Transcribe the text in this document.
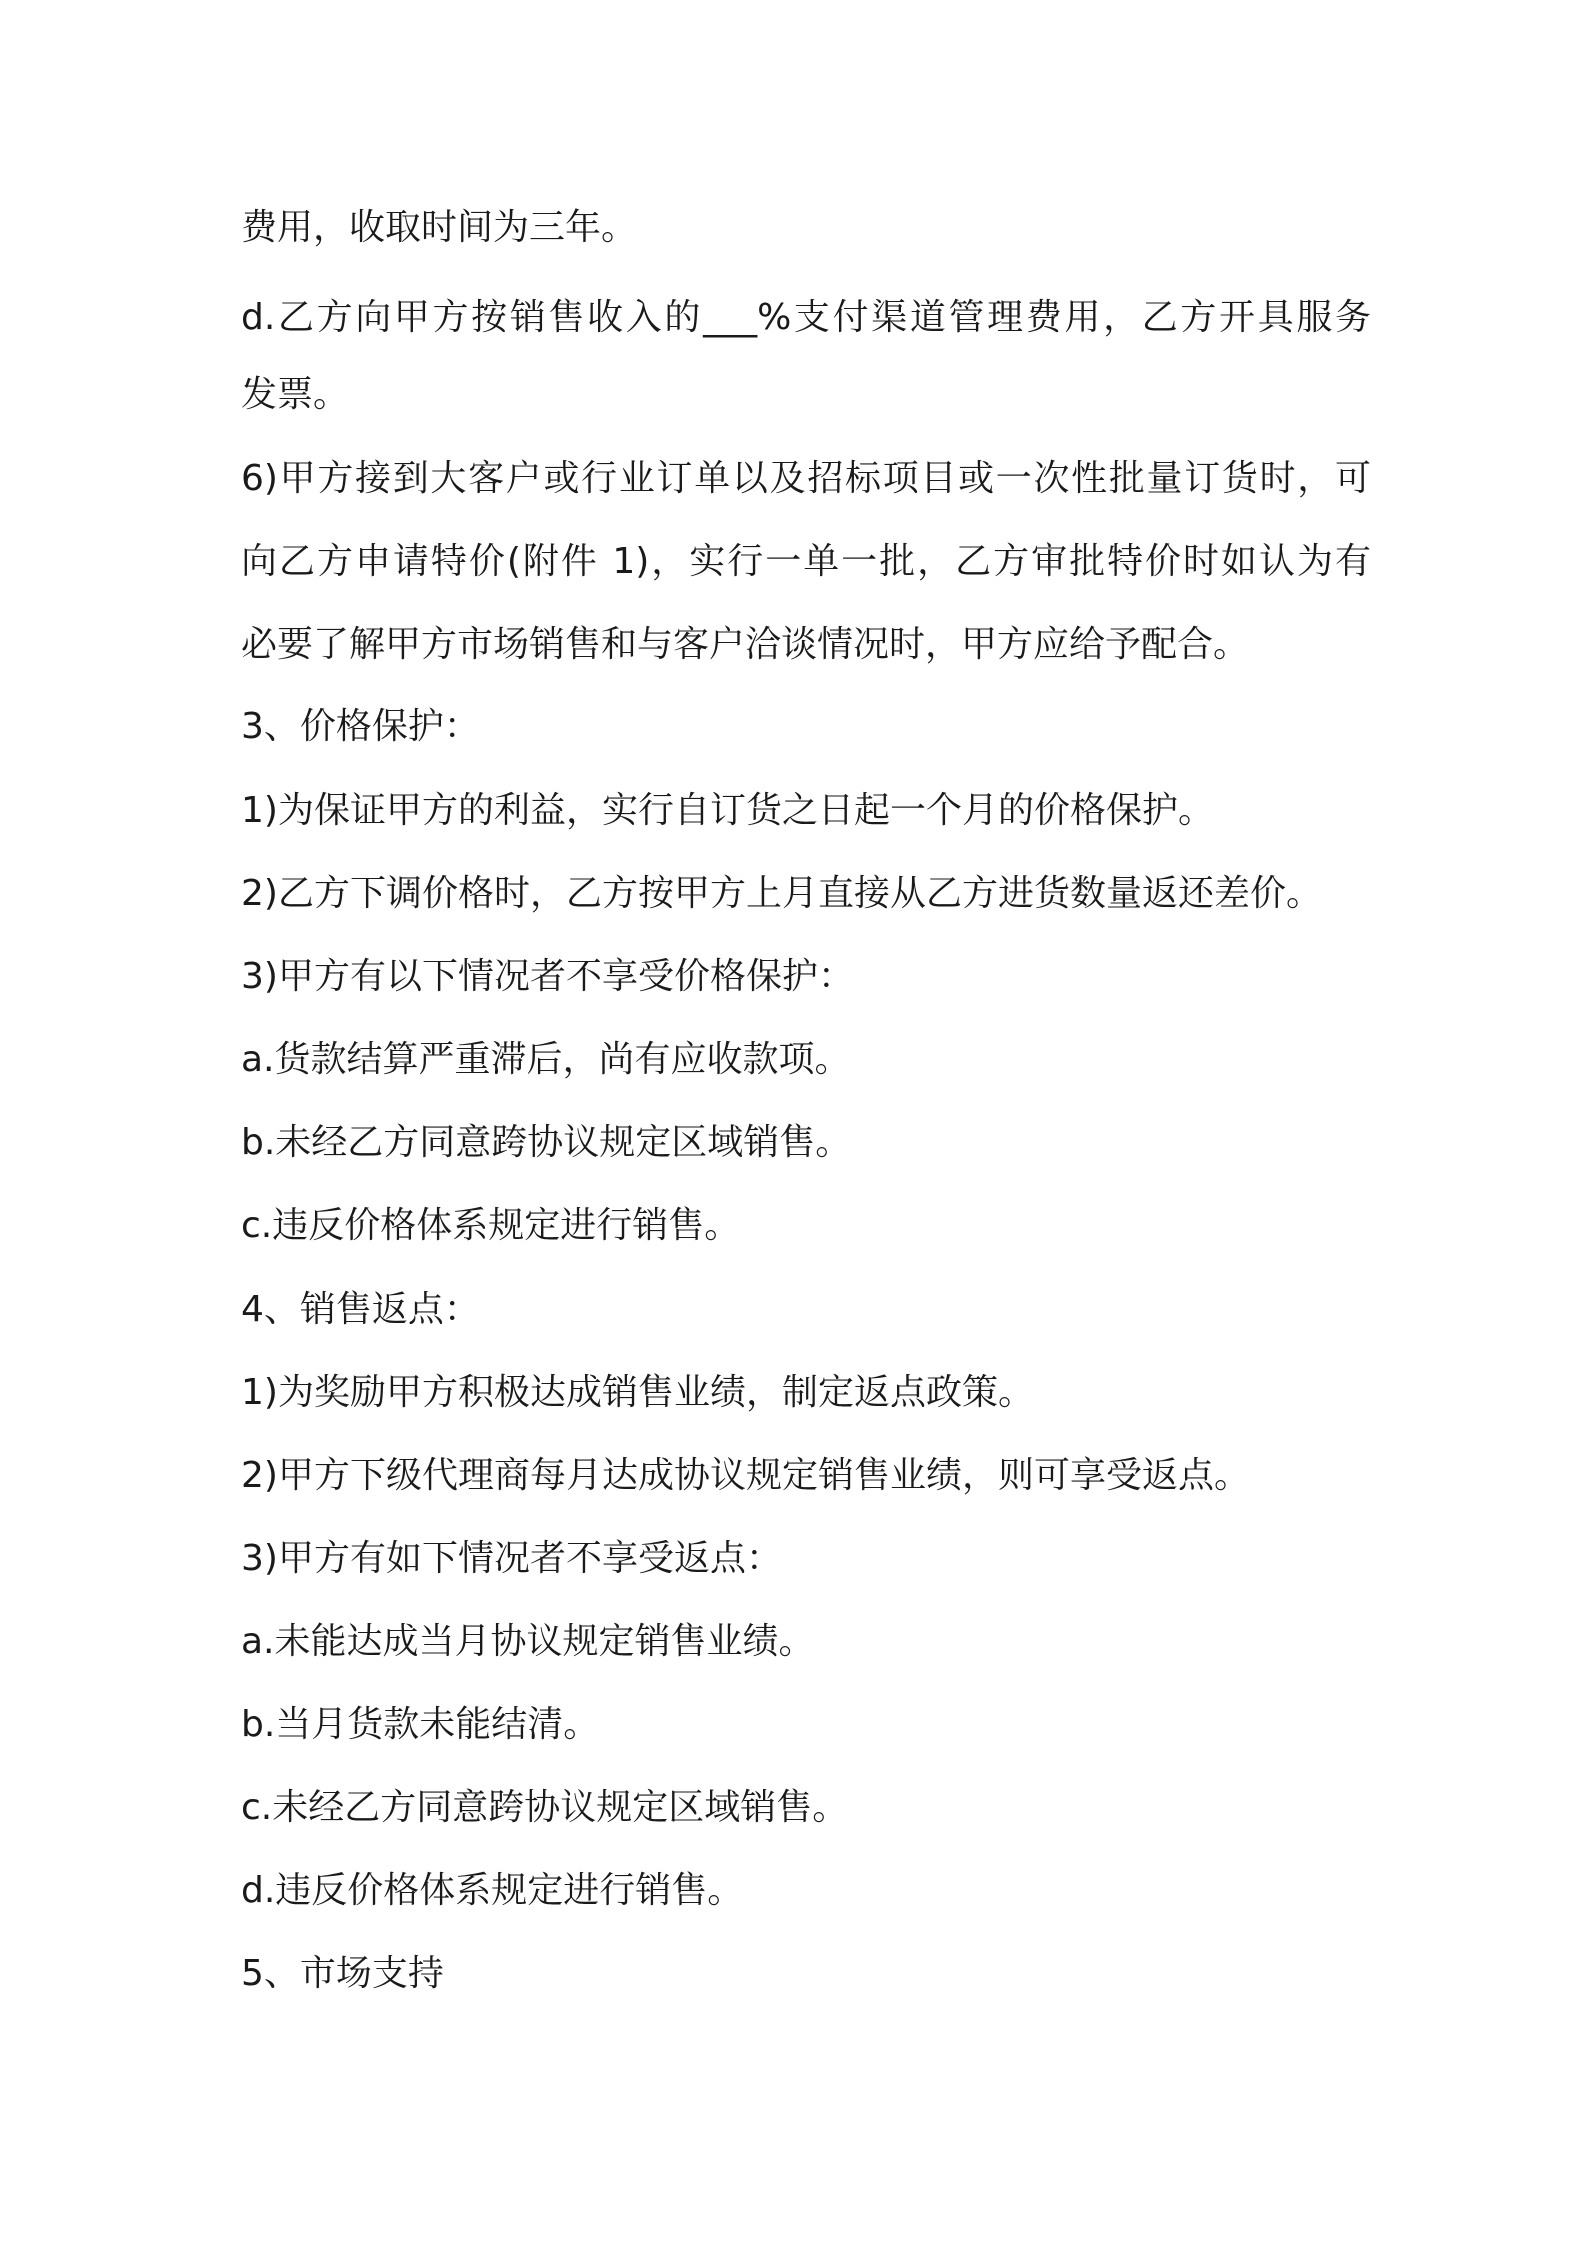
费用，收取时间为三年。
d.乙方向甲方按销售收入的___%支付渠道管理费用，乙方开具服务
发票。
6)甲方接到大客户或行业订单以及招标项目或一次性批量订货时，可
向乙方申请特价(附件 1)，实行一单一批，乙方审批特价时如认为有
必要了解甲方市场销售和与客户洽谈情况时，甲方应给予配合。
3、价格保护：
1)为保证甲方的利益，实行自订货之日起一个月的价格保护。
2)乙方下调价格时，乙方按甲方上月直接从乙方进货数量返还差价。
3)甲方有以下情况者不享受价格保护：
a.货款结算严重滞后，尚有应收款项。
b.未经乙方同意跨协议规定区域销售。
c.违反价格体系规定进行销售。
4、销售返点：
1)为奖励甲方积极达成销售业绩，制定返点政策。
2)甲方下级代理商每月达成协议规定销售业绩，则可享受返点。
3)甲方有如下情况者不享受返点：
a.未能达成当月协议规定销售业绩。
b.当月货款未能结清。
c.未经乙方同意跨协议规定区域销售。
d.违反价格体系规定进行销售。
5、市场支持
